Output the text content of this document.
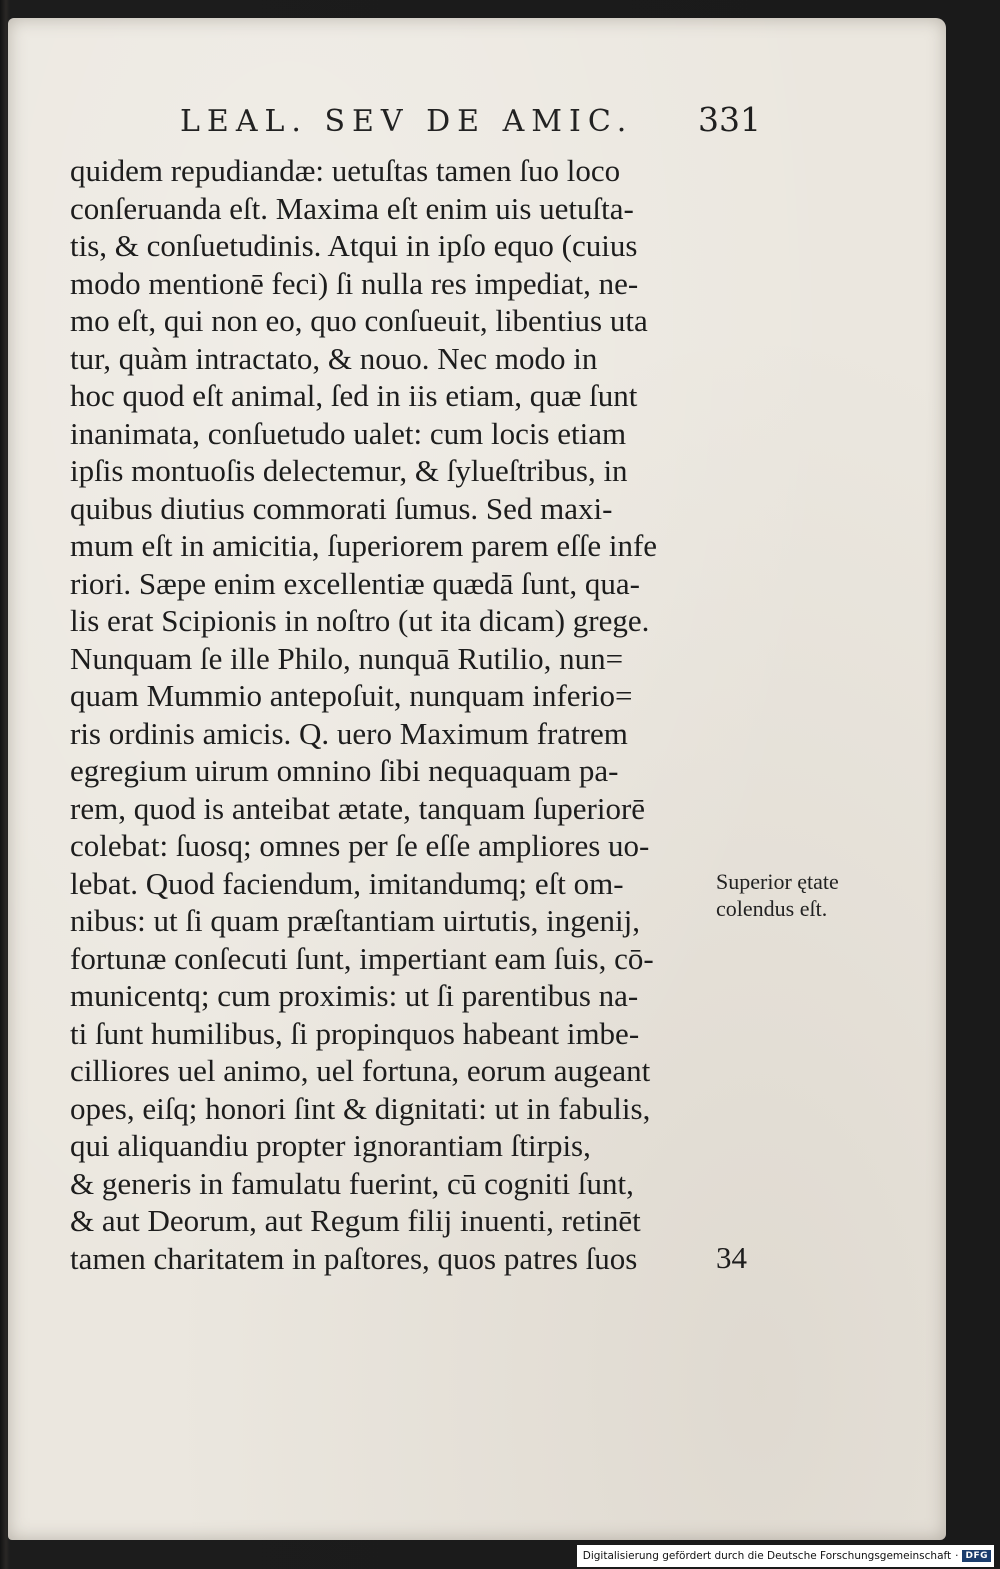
LEAL. SEV DE AMIC.	331
quidem repudiandæ: uetuſtas tamen ſuo loco
conſeruanda eſt. Maxima eſt enim uis uetuſta-
tis, & conſuetudinis. Atqui in ipſo equo (cuius
modo mentionē feci) ſi nulla res impediat, ne-
mo eſt, qui non eo, quo conſueuit, libentius uta
tur, quàm intractato, & nouo. Nec modo in
hoc quod eſt animal, ſed in iis etiam, quæ ſunt
inanimata, conſuetudo ualet: cum locis etiam
ipſis montuoſis delectemur, & ſylueſtribus, in
quibus diutius commorati ſumus. Sed maxi-
mum eſt in amicitia, ſuperiorem parem eſſe infe
riori. Sæpe enim excellentiæ quædā ſunt, qua-
lis erat Scipionis in noſtro (ut ita dicam) grege.
Nunquam ſe ille Philo, nunquā Rutilio, nun=
quam Mummio antepoſuit, nunquam inferio=
ris ordinis amicis. Q. uero Maximum fratrem
egregium uirum omnino ſibi nequaquam pa-
rem, quod is anteibat ætate, tanquam ſuperiorē
colebat: ſuosq; omnes per ſe eſſe ampliores uo-
lebat. Quod faciendum, imitandumq; eſt om-
nibus: ut ſi quam præſtantiam uirtutis, ingenij,
fortunæ conſecuti ſunt, impertiant eam ſuis, cō-
municentq; cum proximis: ut ſi parentibus na-
ti ſunt humilibus, ſi propinquos habeant imbe-
cilliores uel animo, uel fortuna, eorum augeant
opes, eiſq; honori ſint & dignitati: ut in fabulis,
qui aliquandiu propter ignorantiam ſtirpis,
& generis in famulatu fuerint, cū cogniti ſunt,
& aut Deorum, aut Regum filij inuenti, retinēt
tamen charitatem in paſtores, quos patres ſuos
Superior ętate
colendus eſt.
34
Digitalisierung gefördert durch die Deutsche Forschungsgemeinschaft · DFG
